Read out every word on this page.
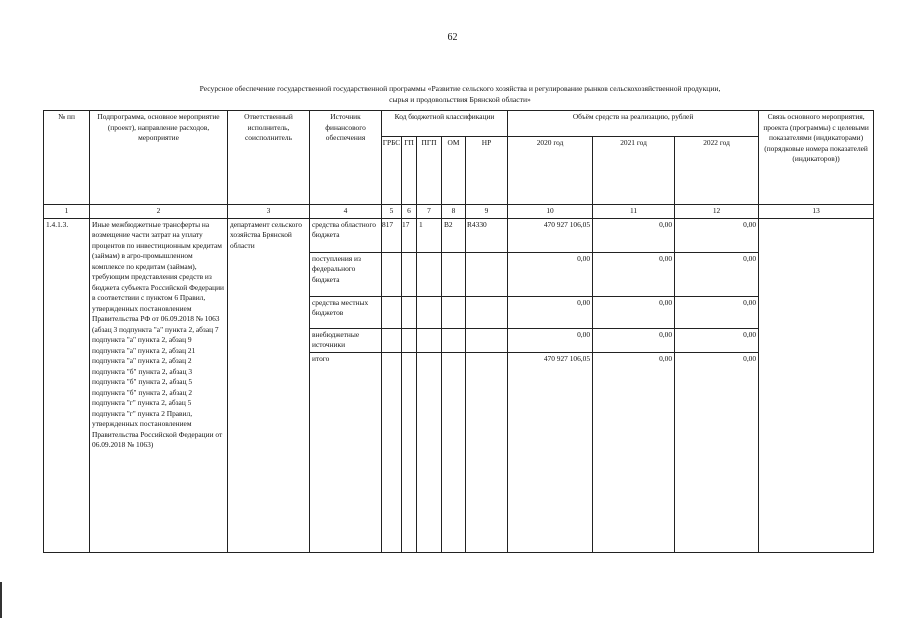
62
Ресурсное обеспечение государственной государственной программы «Развитие сельского хозяйства и регулирование рынков сельскохозяйственной продукции,
сырья и продовольствия Брянской области»
№ пп	Подпрограмма, основное мероприятие (проект), направление расходов, мероприятие	Ответственный исполнитель, соисполнитель	Источник финансового обеспечения	Код бюджетной классификации					Объём средств на реализацию, рублей			Связь основного мероприятия, проекта (программы) с целевыми показателями (индикаторами) (порядковые номера показателей (индикаторов))
				ГРБС	ГП	ПГП	ОМ	НР	2020 год	2021 год	2022 год	
1	2	3	4	5	6	7	8	9	10	11	12	13
1.4.1.3.	Иные межбюджетные трансферты на возмещение части затрат на уплату процентов по инвестиционным кредитам (займам) в агро-промышленном комплексе по кредитам (займам), требующим представления средств из бюджета субъекта Российской Федерации в соответствии с пунктом 6 Правил, утвержденных постановлением Правительства РФ от 06.09.2018 № 1063 (абзац 3 подпункта "а" пункта 2, абзац 7 подпункта "а" пункта 2, абзац 9 подпункта "а" пункта 2, абзац 21 подпункта "а" пункта 2, абзац 2 подпункта "б" пункта 2, абзац 3 подпункта "б" пункта 2, абзац 5 подпункта "б" пункта 2, абзац 2 подпункта "г" пункта 2, абзац 5 подпункта "г" пункта 2 Правил, утвержденных постановлением Правительства Российской Федерации от 06.09.2018 № 1063)	департамент сельского хозяйства Брянской области	средства областного бюджета	817	17	1	В2	R4330	470 927 106,05	0,00	0,00	
			поступления из федерального бюджета						0,00	0,00	0,00	
			средства местных бюджетов						0,00	0,00	0,00	
			внебюджетные источники						0,00	0,00	0,00	
			итого						470 927 106,05	0,00	0,00	
